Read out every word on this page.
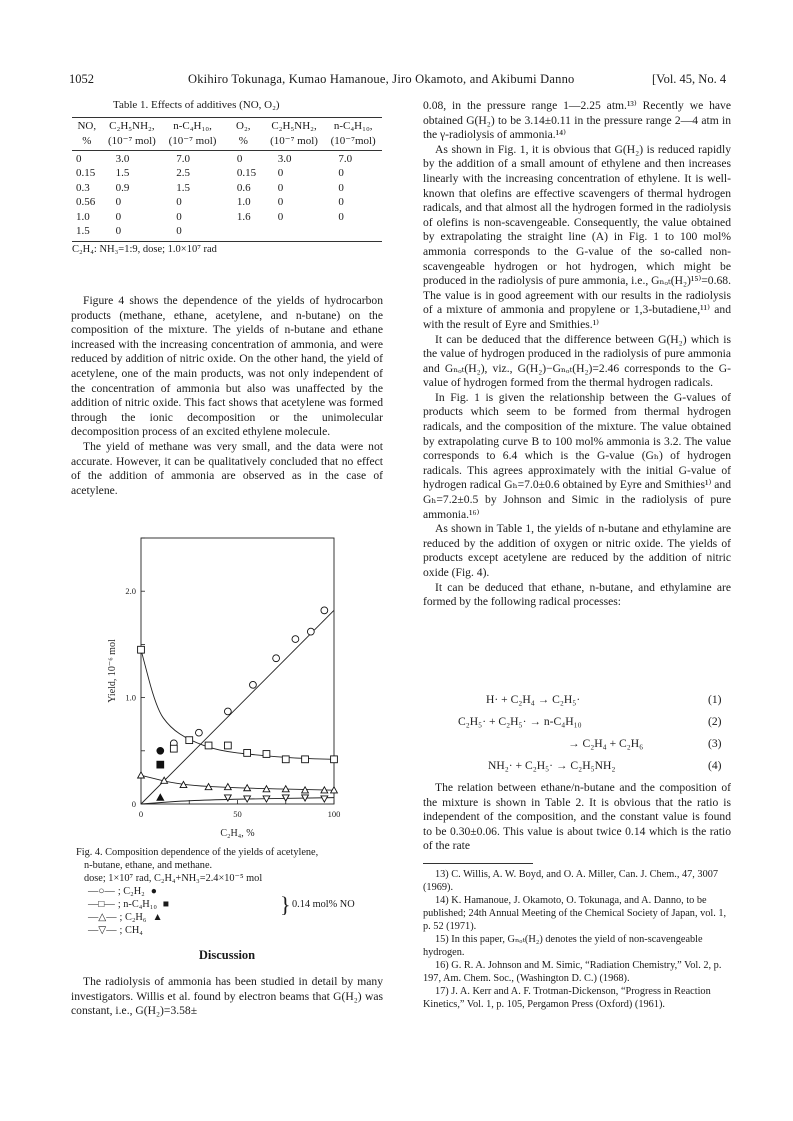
1052	Okihiro Tokunaga, Kumao Hamanoue, Jiro Okamoto, and Akibumi Danno	[Vol. 45, No. 4
Table 1. Effects of additives (NO, O₂)
NO,	C₂H₅NH₂,	n-C₄H₁₀,	O₂,	C₂H₅NH₂,	n-C₄H₁₀,
%	(10⁻⁷ mol)	(10⁻⁷ mol)	%	(10⁻⁷ mol)	(10⁻⁷mol)
0	3.0	7.0	0	3.0	7.0
0.15	1.5	2.5	0.15	0	0
0.3	0.9	1.5	0.6	0	0
0.56	0	0	1.0	0	0
1.0	0	0	1.6	0	0
1.5	0	0			
C₂H₄: NH₃=1:9, dose; 1.0×10⁷ rad

Figure 4 shows the dependence of the yields of hydrocarbon products (methane, ethane, acetylene, and n-butane) on the composition of the mixture. The yields of n-butane and ethane increased with the increasing concentration of ammonia, and were reduced by addition of nitric oxide. On the other hand, the yield of acetylene, one of the main products, was not only independent of the concentration of ammonia but also was unaffected by the addition of nitric oxide. This fact shows that acetylene was formed through the ionic decomposition or the unimolecular decomposition process of an excited ethylene molecule.

The yield of methane was very small, and the data were not accurate. However, it can be qualitatively concluded that no effect of the addition of ammonia are observed as in the case of acetylene.

0	50	100
0
1.0
2.0
C₂H₄, %
Yield, 10⁻⁶ mol
Fig. 4. Composition dependence of the yields of acetylene,
n-butane, ethane, and methane.
dose; 1×10⁷ rad, C₂H₄+NH₃=2.4×10⁻⁵ mol
—○— ; C₂H₂ ●
—□— ; n-C₄H₁₀ ■
—△— ; C₂H₆ ▲
—▽— ; CH₄
} 0.14 mol% NO
Discussion

The radiolysis of ammonia has been studied in detail by many investigators. Willis et al. found by electron beams that G(H₂) was constant, i.e., G(H₂)=3.58±

0.08, in the pressure range 1—2.25 atm.¹³⁾ Recently we have obtained G(H₂) to be 3.14±0.11 in the pressure range 2—4 atm in the γ-radiolysis of ammonia.¹⁴⁾

As shown in Fig. 1, it is obvious that G(H₂) is reduced rapidly by the addition of a small amount of ethylene and then increases linearly with the increasing concentration of ethylene. It is well-known that olefins are effective scavengers of thermal hydrogen radicals, and that almost all the hydrogen formed in the radiolysis of olefins is non-scavengeable. Consequently, the value obtained by extrapolating the straight line (A) in Fig. 1 to 100 mol% ammonia corresponds to the G-value of the so-called non-scavengeable hydrogen or hot hydrogen, which might be produced in the radiolysis of pure ammonia, i.e., Gₙₒₜ(H₂)¹⁵⁾=0.68. The value is in good agreement with our results in the radiolysis of a mixture of ammonia and propylene or 1,3-butadiene,¹¹⁾ and with the result of Eyre and Smithies.¹⁾

It can be deduced that the difference between G(H₂) which is the value of hydrogen produced in the radiolysis of pure ammonia and Gₙₒₜ(H₂), viz., G(H₂)−Gₙₒₜ(H₂)=2.46 corresponds to the G-value of hydrogen formed from the thermal hydrogen radicals.

In Fig. 1 is given the relationship between the G-values of products which seem to be formed from thermal hydrogen radicals, and the composition of the mixture. The value obtained by extrapolating curve B to 100 mol% ammonia is 3.2. The value corresponds to 6.4 which is the G-value (Gₕ) of hydrogen radicals. This agrees approximately with the initial G-value of hydrogen radical Gₕ=7.0±0.6 obtained by Eyre and Smithies¹⁾ and Gₕ=7.2±0.5 by Johnson and Simic in the radiolysis of pure ammonia.¹⁶⁾

As shown in Table 1, the yields of n-butane and ethylamine are reduced by the addition of oxygen or nitric oxide. The yields of products except acetylene are reduced by the addition of nitric oxide (Fig. 4).

It can be deduced that ethane, n-butane, and ethylamine are formed by the following radical processes:

H· + C₂H₄ → C₂H₅·	(1)
C₂H₅· + C₂H₅· → n-C₄H₁₀	(2)
→ C₂H₄ + C₂H₆	(3)
NH₂· + C₂H₅· → C₂H₅NH₂	(4)

The relation between ethane/n-butane and the composition of the mixture is shown in Table 2. It is obvious that the ratio is independent of the composition, and the constant value is found to be 0.30±0.06. This value is about twice 0.14 which is the ratio of the rate

13) C. Willis, A. W. Boyd, and O. A. Miller, Can. J. Chem., 47, 3007 (1969).

14) K. Hamanoue, J. Okamoto, O. Tokunaga, and A. Danno, to be published; 24th Annual Meeting of the Chemical Society of Japan, vol. 1, p. 52 (1971).

15) In this paper, Gₙₒₜ(H₂) denotes the yield of non-scavengeable hydrogen.

16) G. R. A. Johnson and M. Simic, “Radiation Chemistry,” Vol. 2, p. 197, Am. Chem. Soc., (Washington D. C.) (1968).

17) J. A. Kerr and A. F. Trotman-Dickenson, “Progress in Reaction Kinetics,” Vol. 1, p. 105, Pergamon Press (Oxford) (1961).
